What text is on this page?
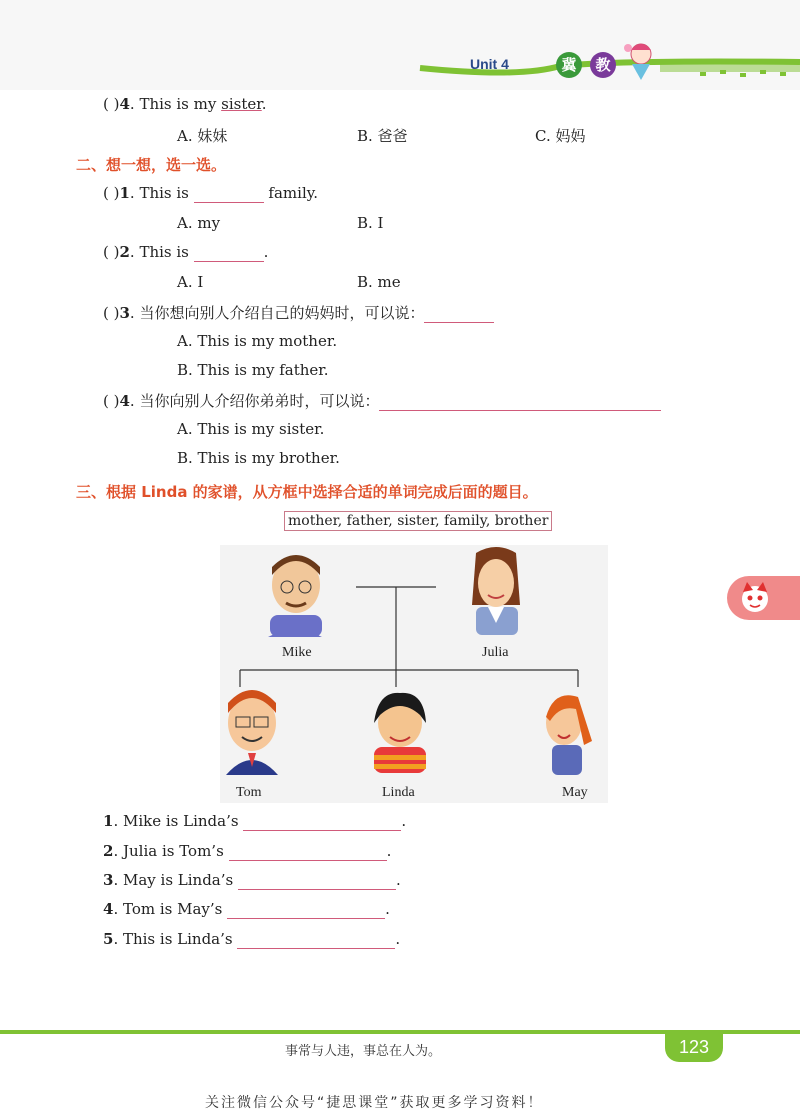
Unit 4	冀	教
( )4. This is my sister.
A. 妹妹	B. 爸爸	C. 妈妈
二、想一想，选一选。
( )1. This is	family.
A. my	B. I
( )2. This is	.
A. I	B. me
( )3. 当你想向别人介绍自己的妈妈时，可以说：
A. This is my mother.
B. This is my father.
( )4. 当你向别人介绍你弟弟时，可以说：
A. This is my sister.
B. This is my brother.
三、根据 Linda 的家谱，从方框中选择合适的单词完成后面的题目。
mother, father, sister, family, brother
Mike	Julia
Tom	Linda	May
1. Mike is Linda’s	.
2. Julia is Tom’s	.
3. May is Linda’s	.
4. Tom is May’s	.
5. This is Linda’s	.
事常与人违，事总在人为。	123
关注微信公众号“捷思课堂”获取更多学习资料！
